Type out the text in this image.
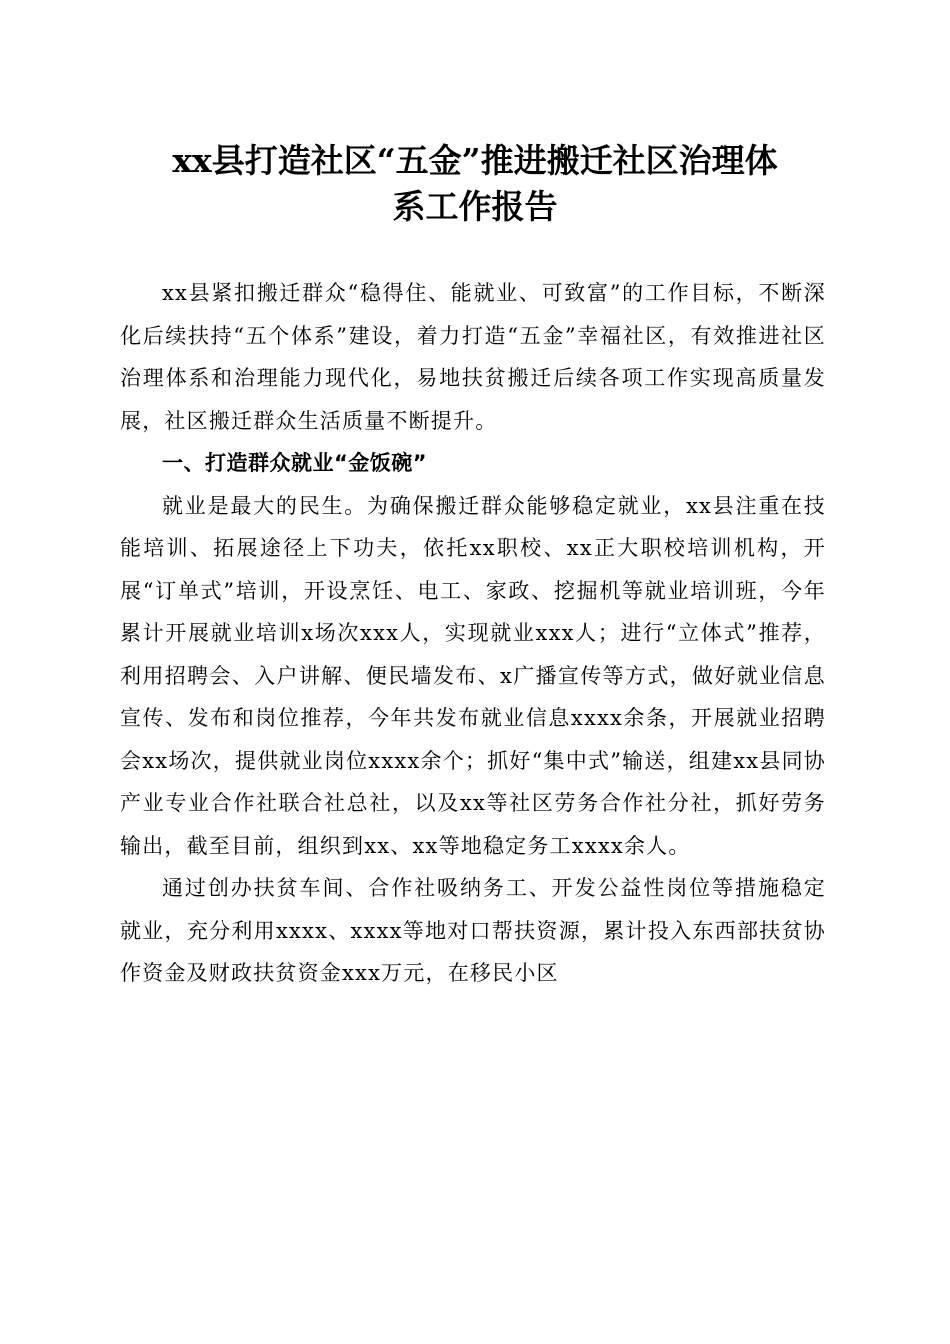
xx县打造社区“五金”推进搬迁社区治理体
系工作报告

xx县紧扣搬迁群众“稳得住、能就业、可致富”的工作目标，不断深化后续扶持“五个体系”建设，着力打造“五金”幸福社区，有效推进社区治理体系和治理能力现代化，易地扶贫搬迁后续各项工作实现高质量发展，社区搬迁群众生活质量不断提升。

一、打造群众就业“金饭碗”

就业是最大的民生。为确保搬迁群众能够稳定就业，xx县注重在技能培训、拓展途径上下功夫，依托xx职校、xx正大职校培训机构，开展“订单式”培训，开设烹饪、电工、家政、挖掘机等就业培训班，今年累计开展就业培训x场次xxx人，实现就业xxx人；进行“立体式”推荐，利用招聘会、入户讲解、便民墙发布、x广播宣传等方式，做好就业信息宣传、发布和岗位推荐，今年共发布就业信息xxxx余条，开展就业招聘会xx场次，提供就业岗位xxxx余个；抓好“集中式”输送，组建xx县同协产业专业合作社联合社总社，以及xx等社区劳务合作社分社，抓好劳务输出，截至目前，组织到xx、xx等地稳定务工xxxx余人。

通过创办扶贫车间、合作社吸纳务工、开发公益性岗位等措施稳定就业，充分利用xxxx、xxxx等地对口帮扶资源，累计投入东西部扶贫协作资金及财政扶贫资金xxx万元，在移民小区
